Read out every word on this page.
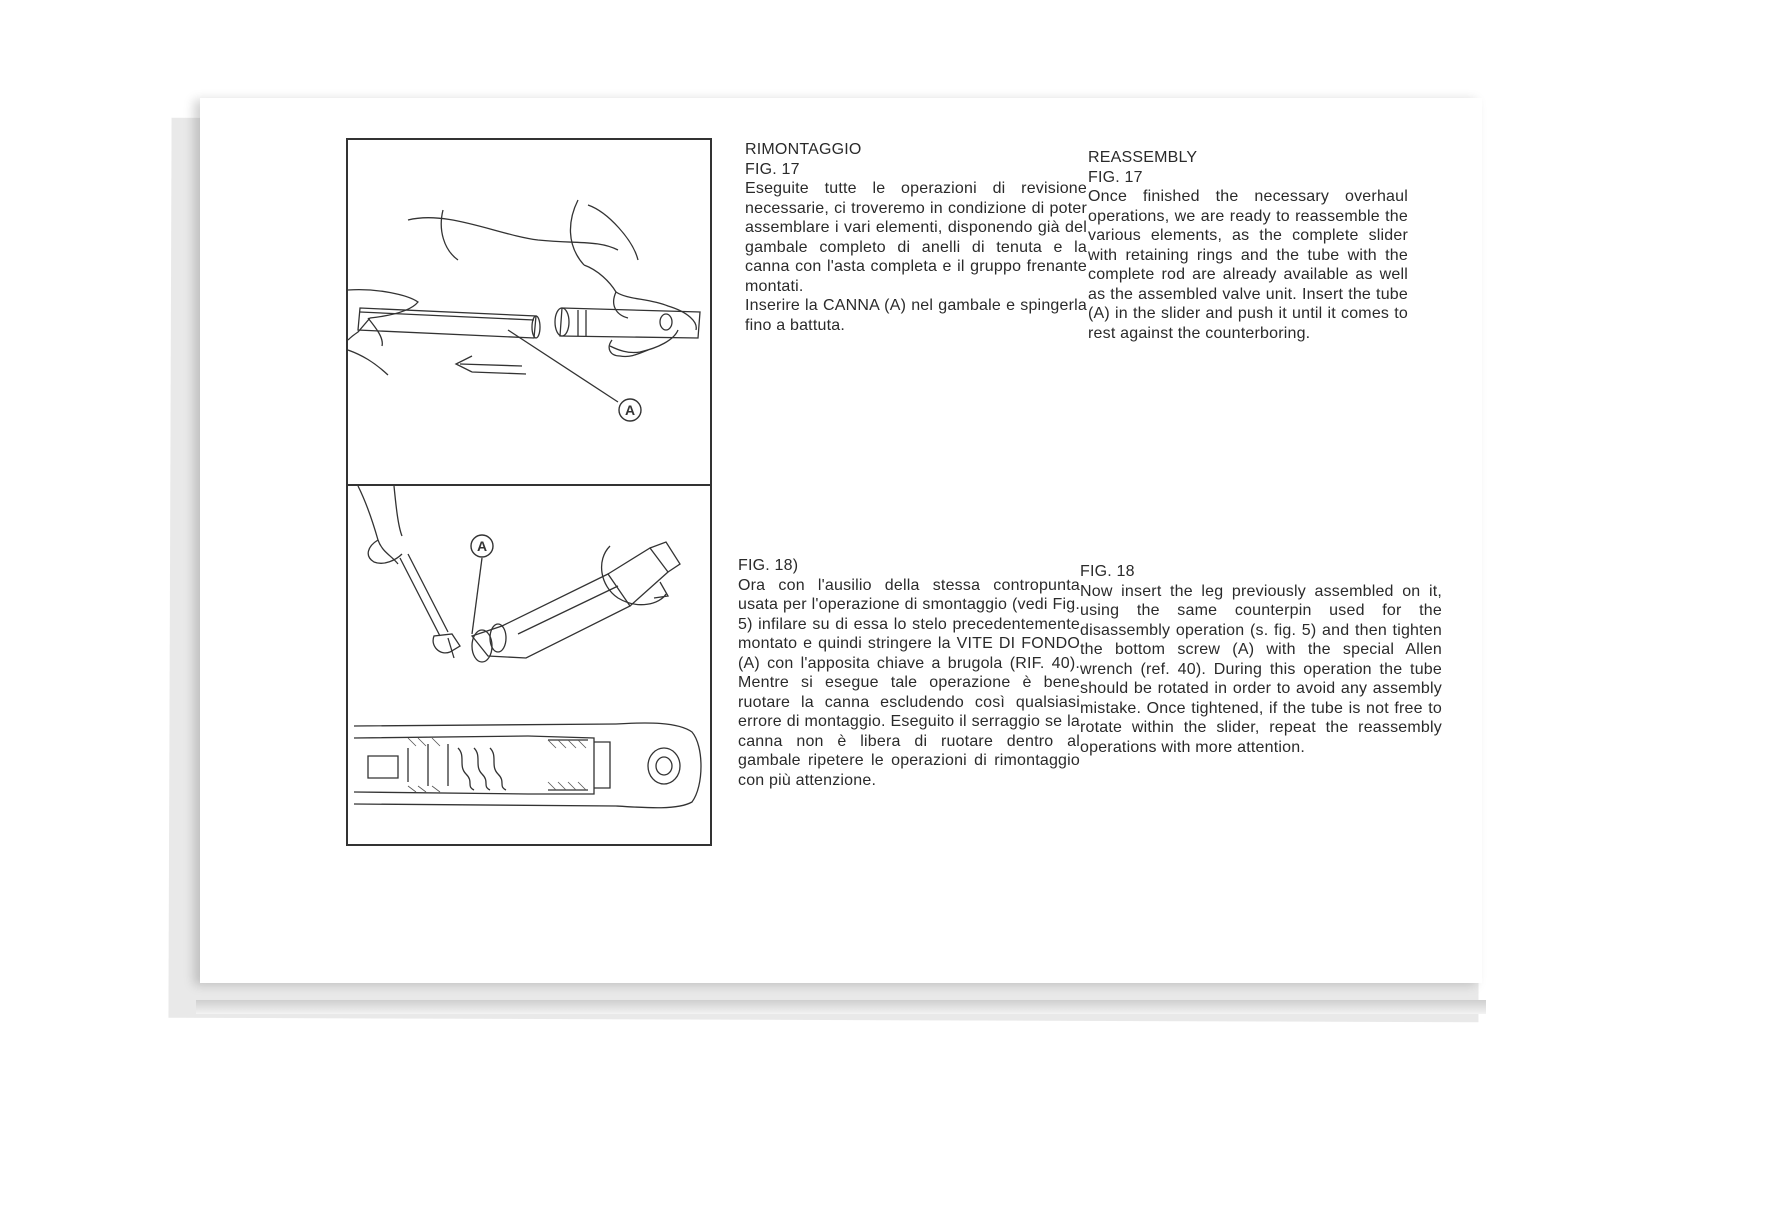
A
RIMONTAGGIO
FIG. 17

Eseguite tutte le operazioni di revisione necessarie, ci troveremo in condizione di poter assemblare i vari elementi, disponendo già del gambale completo di anelli di tenuta e la canna con l'asta completa e il gruppo frenante montati.

Inserire la CANNA (A) nel gambale e spingerla fino a battuta.

REASSEMBLY
FIG. 17

Once finished the necessary overhaul operations, we are ready to reassemble the various elements, as the complete slider with retaining rings and the tube with the complete rod are already available as well as the assembled valve unit. Insert the tube (A) in the slider and push it until it comes to rest against the counterboring.

A
FIG. 18)

Ora con l'ausilio della stessa contropunta usata per l'operazione di smontaggio (vedi Fig. 5) infilare su di essa lo stelo precedentemente montato e quindi stringere la VITE DI FONDO (A) con l'apposita chiave a brugola (RIF. 40). Mentre si esegue tale operazione è bene ruotare la canna escludendo così qualsiasi errore di montaggio. Eseguito il serraggio se la canna non è libera di ruotare dentro al gambale ripetere le operazioni di rimontaggio con più attenzione.

FIG. 18

Now insert the leg previously assembled on it, using the same counterpin used for the disassembly operation (s. fig. 5) and then tighten the bottom screw (A) with the special Allen wrench (ref. 40). During this operation the tube should be rotated in order to avoid any assembly mistake. Once tightened, if the tube is not free to rotate within the slider, repeat the reassembly operations with more attention.
